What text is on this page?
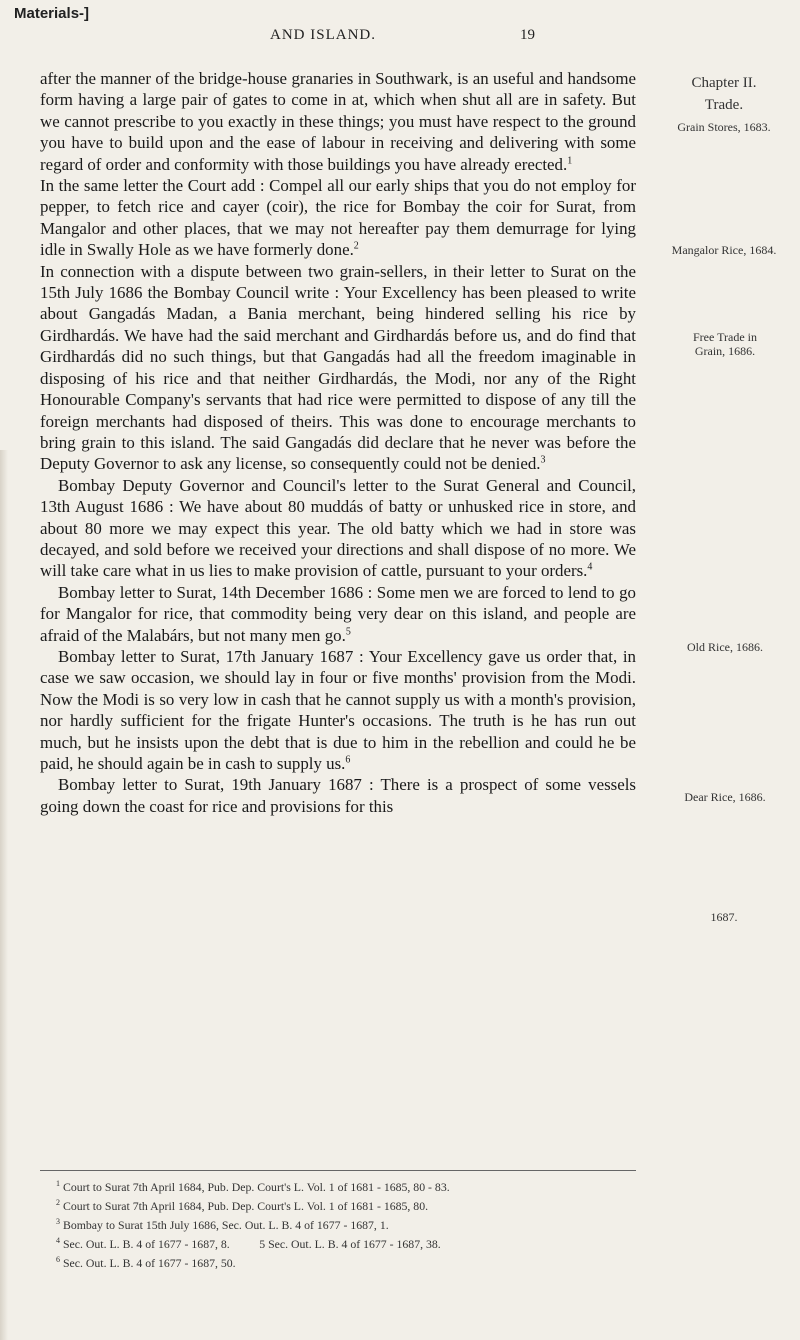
Materials-]
AND ISLAND.	19
Chapter II.
Trade.
Grain Stores, 1683.
Mangalor Rice, 1684.
Free Trade in Grain, 1686.
Old Rice, 1686.
Dear Rice, 1686.
1687.

after the manner of the bridge-house granaries in Southwark, is an useful and handsome form having a large pair of gates to come in at, which when shut all are in safety. But we cannot prescribe to you exactly in these things; you must have respect to the ground you have to build upon and the ease of labour in receiving and delivering with some regard of order and conformity with those buildings you have already erected.$^1$

In the same letter the Court add : Compel all our early ships that you do not employ for pepper, to fetch rice and cayer (coir), the rice for Bombay the coir for Surat, from Mangalor and other places, that we may not hereafter pay them demurrage for lying idle in Swally Hole as we have formerly done.$^2$

In connection with a dispute between two grain-sellers, in their letter to Surat on the 15th July 1686 the Bombay Council write : Your Excellency has been pleased to write about Gangadás Madan, a Bania merchant, being hindered selling his rice by Girdhardás. We have had the said merchant and Girdhardás before us, and do find that Girdhardás did no such things, but that Gangadás had all the freedom imaginable in disposing of his rice and that neither Girdhardás, the Modi, nor any of the Right Honourable Company's servants that had rice were permitted to dispose of any till the foreign merchants had disposed of theirs. This was done to encourage merchants to bring grain to this island. The said Gangadás did declare that he never was before the Deputy Governor to ask any license, so consequently could not be denied.$^3$

Bombay Deputy Governor and Council's letter to the Surat General and Council, 13th August 1686 : We have about 80 muddás of batty or unhusked rice in store, and about 80 more we may expect this year. The old batty which we had in store was decayed, and sold before we received your directions and shall dispose of no more. We will take care what in us lies to make provision of cattle, pursuant to your orders.$^4$

Bombay letter to Surat, 14th December 1686 : Some men we are forced to lend to go for Mangalor for rice, that commodity being very dear on this island, and people are afraid of the Malabárs, but not many men go.$^5$

Bombay letter to Surat, 17th January 1687 : Your Excellency gave us order that, in case we saw occasion, we should lay in four or five months' provision from the Modi. Now the Modi is so very low in cash that he cannot supply us with a month's provision, nor hardly sufficient for the frigate Hunter's occasions. The truth is he has run out much, but he insists upon the debt that is due to him in the rebellion and could he be paid, he should again be in cash to supply us.$^6$

Bombay letter to Surat, 19th January 1687 : There is a prospect of some vessels going down the coast for rice and provisions for this

$^1$ Court to Surat 7th April 1684, Pub. Dep. Court's L. Vol. 1 of 1681 - 1685, 80 - 83.
$^2$ Court to Surat 7th April 1684, Pub. Dep. Court's L. Vol. 1 of 1681 - 1685, 80.
$^3$ Bombay to Surat 15th July 1686, Sec. Out. L. B. 4 of 1677 - 1687, 1.
$^4$ Sec. Out. L. B. 4 of 1677 - 1687, 8.          5 Sec. Out. L. B. 4 of 1677 - 1687, 38.
$^6$ Sec. Out. L. B. 4 of 1677 - 1687, 50.
